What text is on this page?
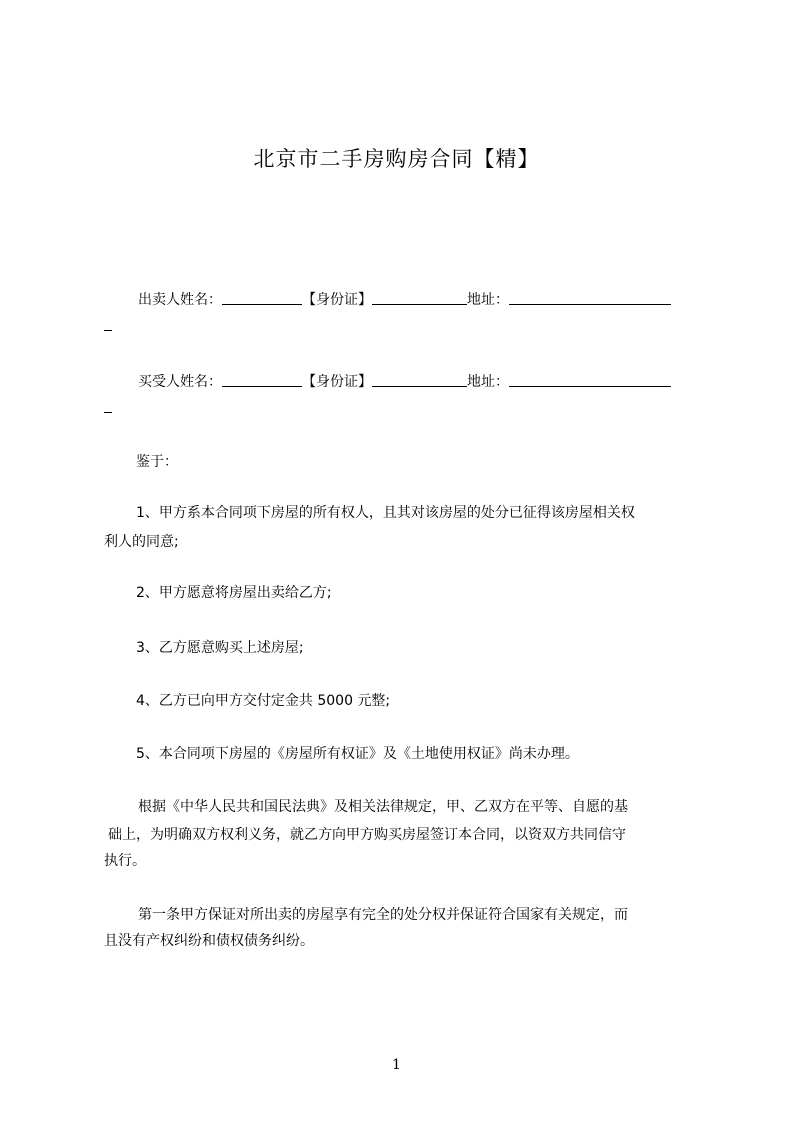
北京市二手房购房合同【精】
出卖人姓名：	【身份证】	地址：
买受人姓名：	【身份证】	地址：
鉴于：
1、甲方系本合同项下房屋的所有权人，且其对该房屋的处分已征得该房屋相关权
利人的同意;
2、甲方愿意将房屋出卖给乙方;
3、乙方愿意购买上述房屋;
4、乙方已向甲方交付定金共 5000 元整;
5、本合同项下房屋的《房屋所有权证》及《土地使用权证》尚未办理。
根据《中华人民共和国民法典》及相关法律规定，甲、乙双方在平等、自愿的基
础上，为明确双方权利义务，就乙方向甲方购买房屋签订本合同，以资双方共同信守
执行。
第一条甲方保证对所出卖的房屋享有完全的处分权并保证符合国家有关规定，而
且没有产权纠纷和债权债务纠纷。
1
